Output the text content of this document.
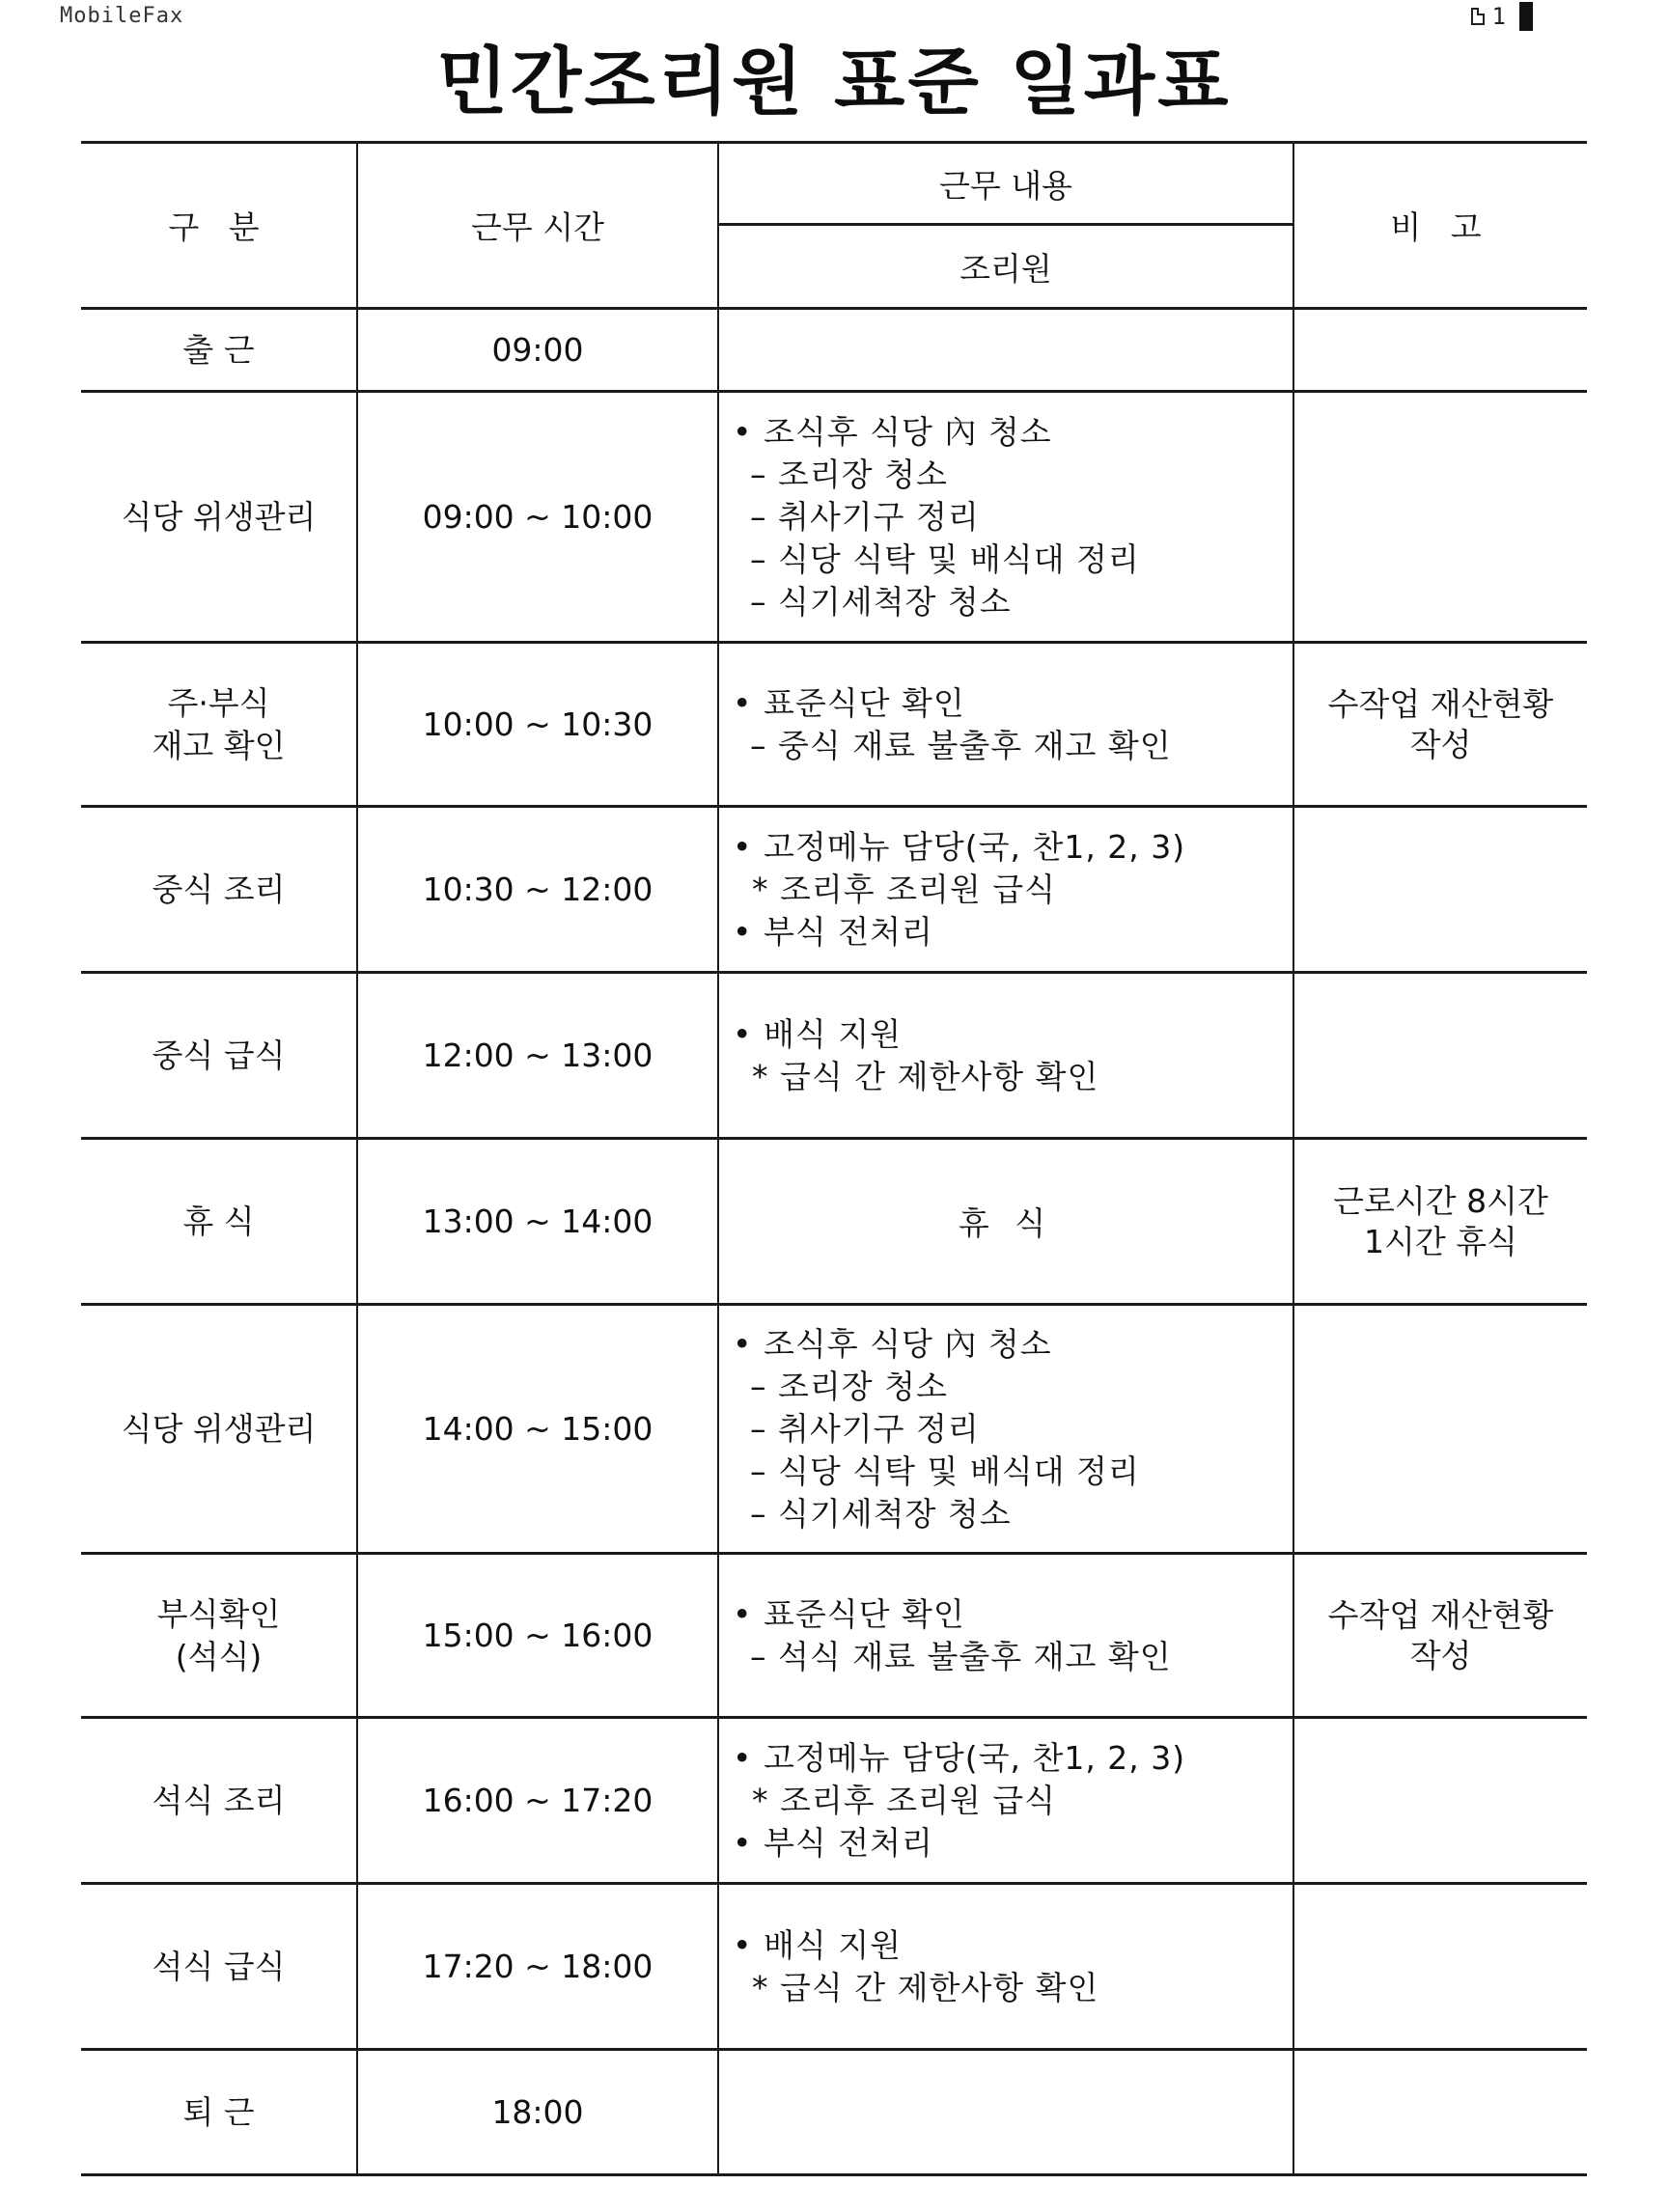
MobileFax	1
민간조리원 표준 일과표
구 분	근무 시간	근무 내용	비 고
		조리원	

출 근	09:00		

식당 위생관리	09:00 ~ 10:00	• 조식후 식당 內 청소
– 조리장 청소
– 취사기구 정리
– 식당 식탁 및 배식대 정리
– 식기세척장 청소	

주·부식
재고 확인	10:00 ~ 10:30	• 표준식단 확인
– 중식 재료 불출후 재고 확인	수작업 재산현황
작성

중식 조리	10:30 ~ 12:00	• 고정메뉴 담당(국, 찬1, 2, 3)
* 조리후 조리원 급식
• 부식 전처리	

중식 급식	12:00 ~ 13:00	• 배식 지원
* 급식 간 제한사항 확인	

휴 식	13:00 ~ 14:00	휴 식	근로시간 8시간
1시간 휴식

식당 위생관리	14:00 ~ 15:00	• 조식후 식당 內 청소
– 조리장 청소
– 취사기구 정리
– 식당 식탁 및 배식대 정리
– 식기세척장 청소	

부식확인
(석식)	15:00 ~ 16:00	• 표준식단 확인
– 석식 재료 불출후 재고 확인	수작업 재산현황
작성

석식 조리	16:00 ~ 17:20	• 고정메뉴 담당(국, 찬1, 2, 3)
* 조리후 조리원 급식
• 부식 전처리	

석식 급식	17:20 ~ 18:00	• 배식 지원
* 급식 간 제한사항 확인	

퇴 근	18:00		
